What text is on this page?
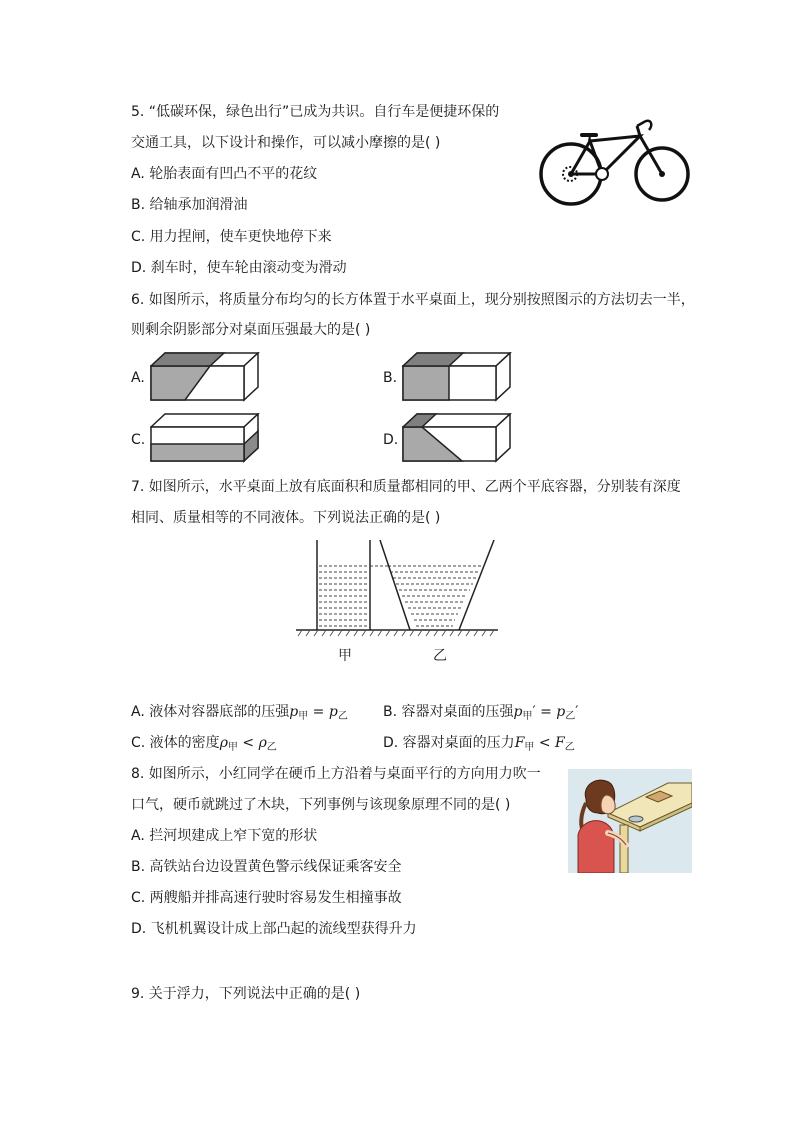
5. “低碳环保，绿色出行”已成为共识。自行车是便捷环保的
交通工具，以下设计和操作，可以减小摩擦的是( )
A. 轮胎表面有凹凸不平的花纹
B. 给轴承加润滑油
C. 用力捏闸，使车更快地停下来
D. 刹车时，使车轮由滚动变为滑动
6. 如图所示，将质量分布均匀的长方体置于水平桌面上，现分别按照图示的方法切去一半，
则剩余阴影部分对桌面压强最大的是( )
A.	B.
C.	D.
7. 如图所示，水平桌面上放有底面积和质量都相同的甲、乙两个平底容器，分别装有深度
相同、质量相等的不同液体。下列说法正确的是( )
甲	乙
A. 液体对容器底部的压强$p_甲 = p_乙$	B. 容器对桌面的压强$p_甲' = p_乙'$
C. 液体的密度$\rho_甲 < \rho_乙$	D. 容器对桌面的压力$F_甲 < F_乙$
8. 如图所示，小红同学在硬币上方沿着与桌面平行的方向用力吹一
口气，硬币就跳过了木块，下列事例与该现象原理不同的是( )
A. 拦河坝建成上窄下宽的形状
B. 高铁站台边设置黄色警示线保证乘客安全
C. 两艘船并排高速行驶时容易发生相撞事故
D. 飞机机翼设计成上部凸起的流线型获得升力
9. 关于浮力，下列说法中正确的是( )
